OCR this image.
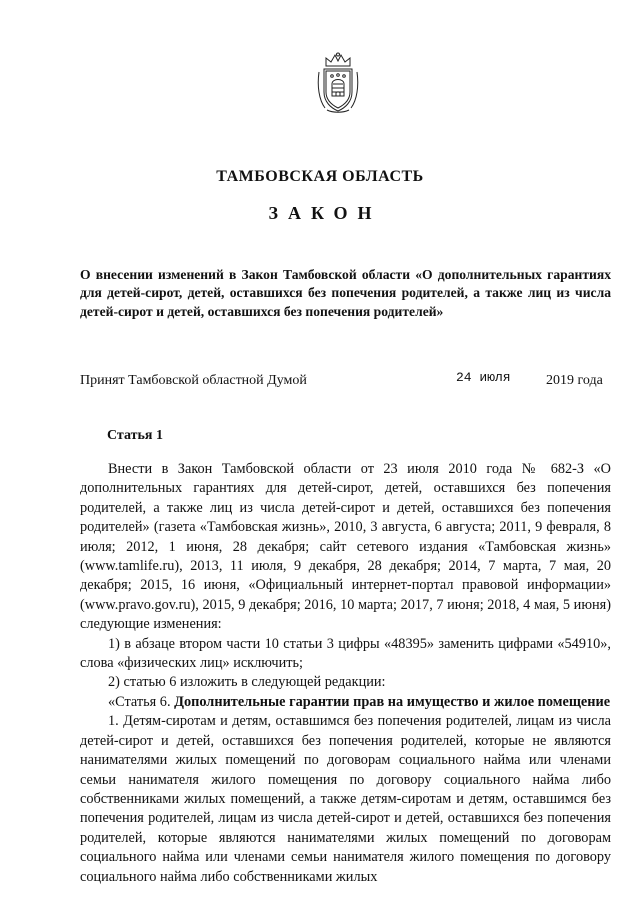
ТАМБОВСКАЯ ОБЛАСТЬ
ЗАКОН
О внесении изменений в Закон Тамбовской области «О дополнительных гарантиях для детей-сирот, детей, оставшихся без попечения родителей, а также лиц из числа детей-сирот и детей, оставшихся без попечения родителей»
Принят Тамбовской областной Думой	24 июля	2019 года
Статья 1

Внести в Закон Тамбовской области от 23 июля 2010 года № 682-З «О дополнительных гарантиях для детей-сирот, детей, оставшихся без попечения родителей, а также лиц из числа детей-сирот и детей, оставшихся без попечения родителей» (газета «Тамбовская жизнь», 2010, 3 августа, 6 августа; 2011, 9 февраля, 8 июля; 2012, 1 июня, 28 декабря; сайт сетевого издания «Тамбовская жизнь» (www.tamlife.ru), 2013, 11 июля, 9 декабря, 28 декабря; 2014, 7 марта, 7 мая, 20 декабря; 2015, 16 июня, «Официальный интернет-портал правовой информации» (www.pravo.gov.ru), 2015, 9 декабря; 2016, 10 марта; 2017, 7 июня; 2018, 4 мая, 5 июня) следующие изменения:

1) в абзаце втором части 10 статьи 3 цифры «48395» заменить цифрами «54910», слова «физических лиц» исключить;

2) статью 6 изложить в следующей редакции:

«Статья 6. Дополнительные гарантии прав на имущество и жилое помещение

1. Детям-сиротам и детям, оставшимся без попечения родителей, лицам из числа детей-сирот и детей, оставшихся без попечения родителей, которые не являются нанимателями жилых помещений по договорам социального найма или членами семьи нанимателя жилого помещения по договору социального найма либо собственниками жилых помещений, а также детям-сиротам и детям, оставшимся без попечения родителей, лицам из числа детей-сирот и детей, оставшихся без попечения родителей, которые являются нанимателями жилых помещений по договорам социального найма или членами семьи нанимателя жилого помещения по договору социального найма либо собственниками жилых
